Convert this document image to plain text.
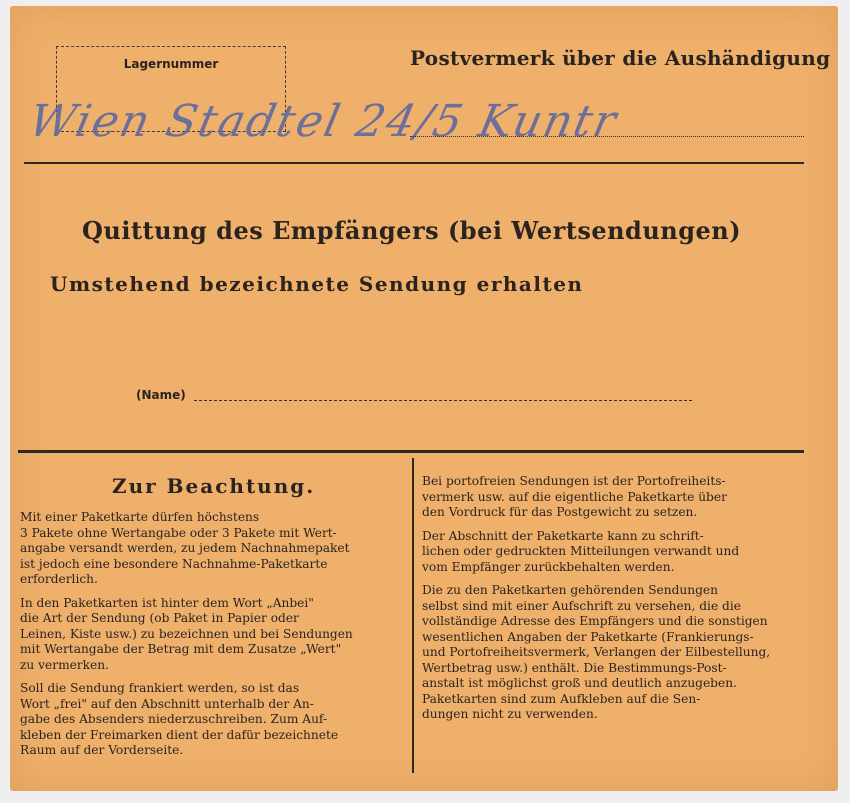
Lagernummer	Postvermerk über die Aushändigung
Wien Stadtel 24/5 Kuntr
Quittung des Empfängers (bei Wertsendungen)
Umstehend bezeichnete Sendung erhalten
(Name)
Zur Beachtung.

Mit einer Paketkarte dürfen höchstens
3 Pakete ohne Wertangabe oder 3 Pakete mit Wert-
angabe versandt werden, zu jedem Nachnahmepaket
ist jedoch eine besondere Nachnahme-Paketkarte
erforderlich.

In den Paketkarten ist hinter dem Wort „Anbei"
die Art der Sendung (ob Paket in Papier oder
Leinen, Kiste usw.) zu bezeichnen und bei Sendungen
mit Wertangabe der Betrag mit dem Zusatze „Wert"
zu vermerken.

Soll die Sendung frankiert werden, so ist das
Wort „frei" auf den Abschnitt unterhalb der An-
gabe des Absenders niederzuschreiben. Zum Auf-
kleben der Freimarken dient der dafür bezeichnete
Raum auf der Vorderseite.

Bei portofreien Sendungen ist der Portofreiheits-
vermerk usw. auf die eigentliche Paketkarte über
den Vordruck für das Postgewicht zu setzen.

Der Abschnitt der Paketkarte kann zu schrift-
lichen oder gedruckten Mitteilungen verwandt und
vom Empfänger zurückbehalten werden.

Die zu den Paketkarten gehörenden Sendungen
selbst sind mit einer Aufschrift zu versehen, die die
vollständige Adresse des Empfängers und die sonstigen
wesentlichen Angaben der Paketkarte (Frankierungs-
und Portofreiheitsvermerk, Verlangen der Eilbestellung,
Wertbetrag usw.) enthält. Die Bestimmungs-Post-
anstalt ist möglichst groß und deutlich anzugeben.
Paketkarten sind zum Aufkleben auf die Sen-
dungen nicht zu verwenden.
